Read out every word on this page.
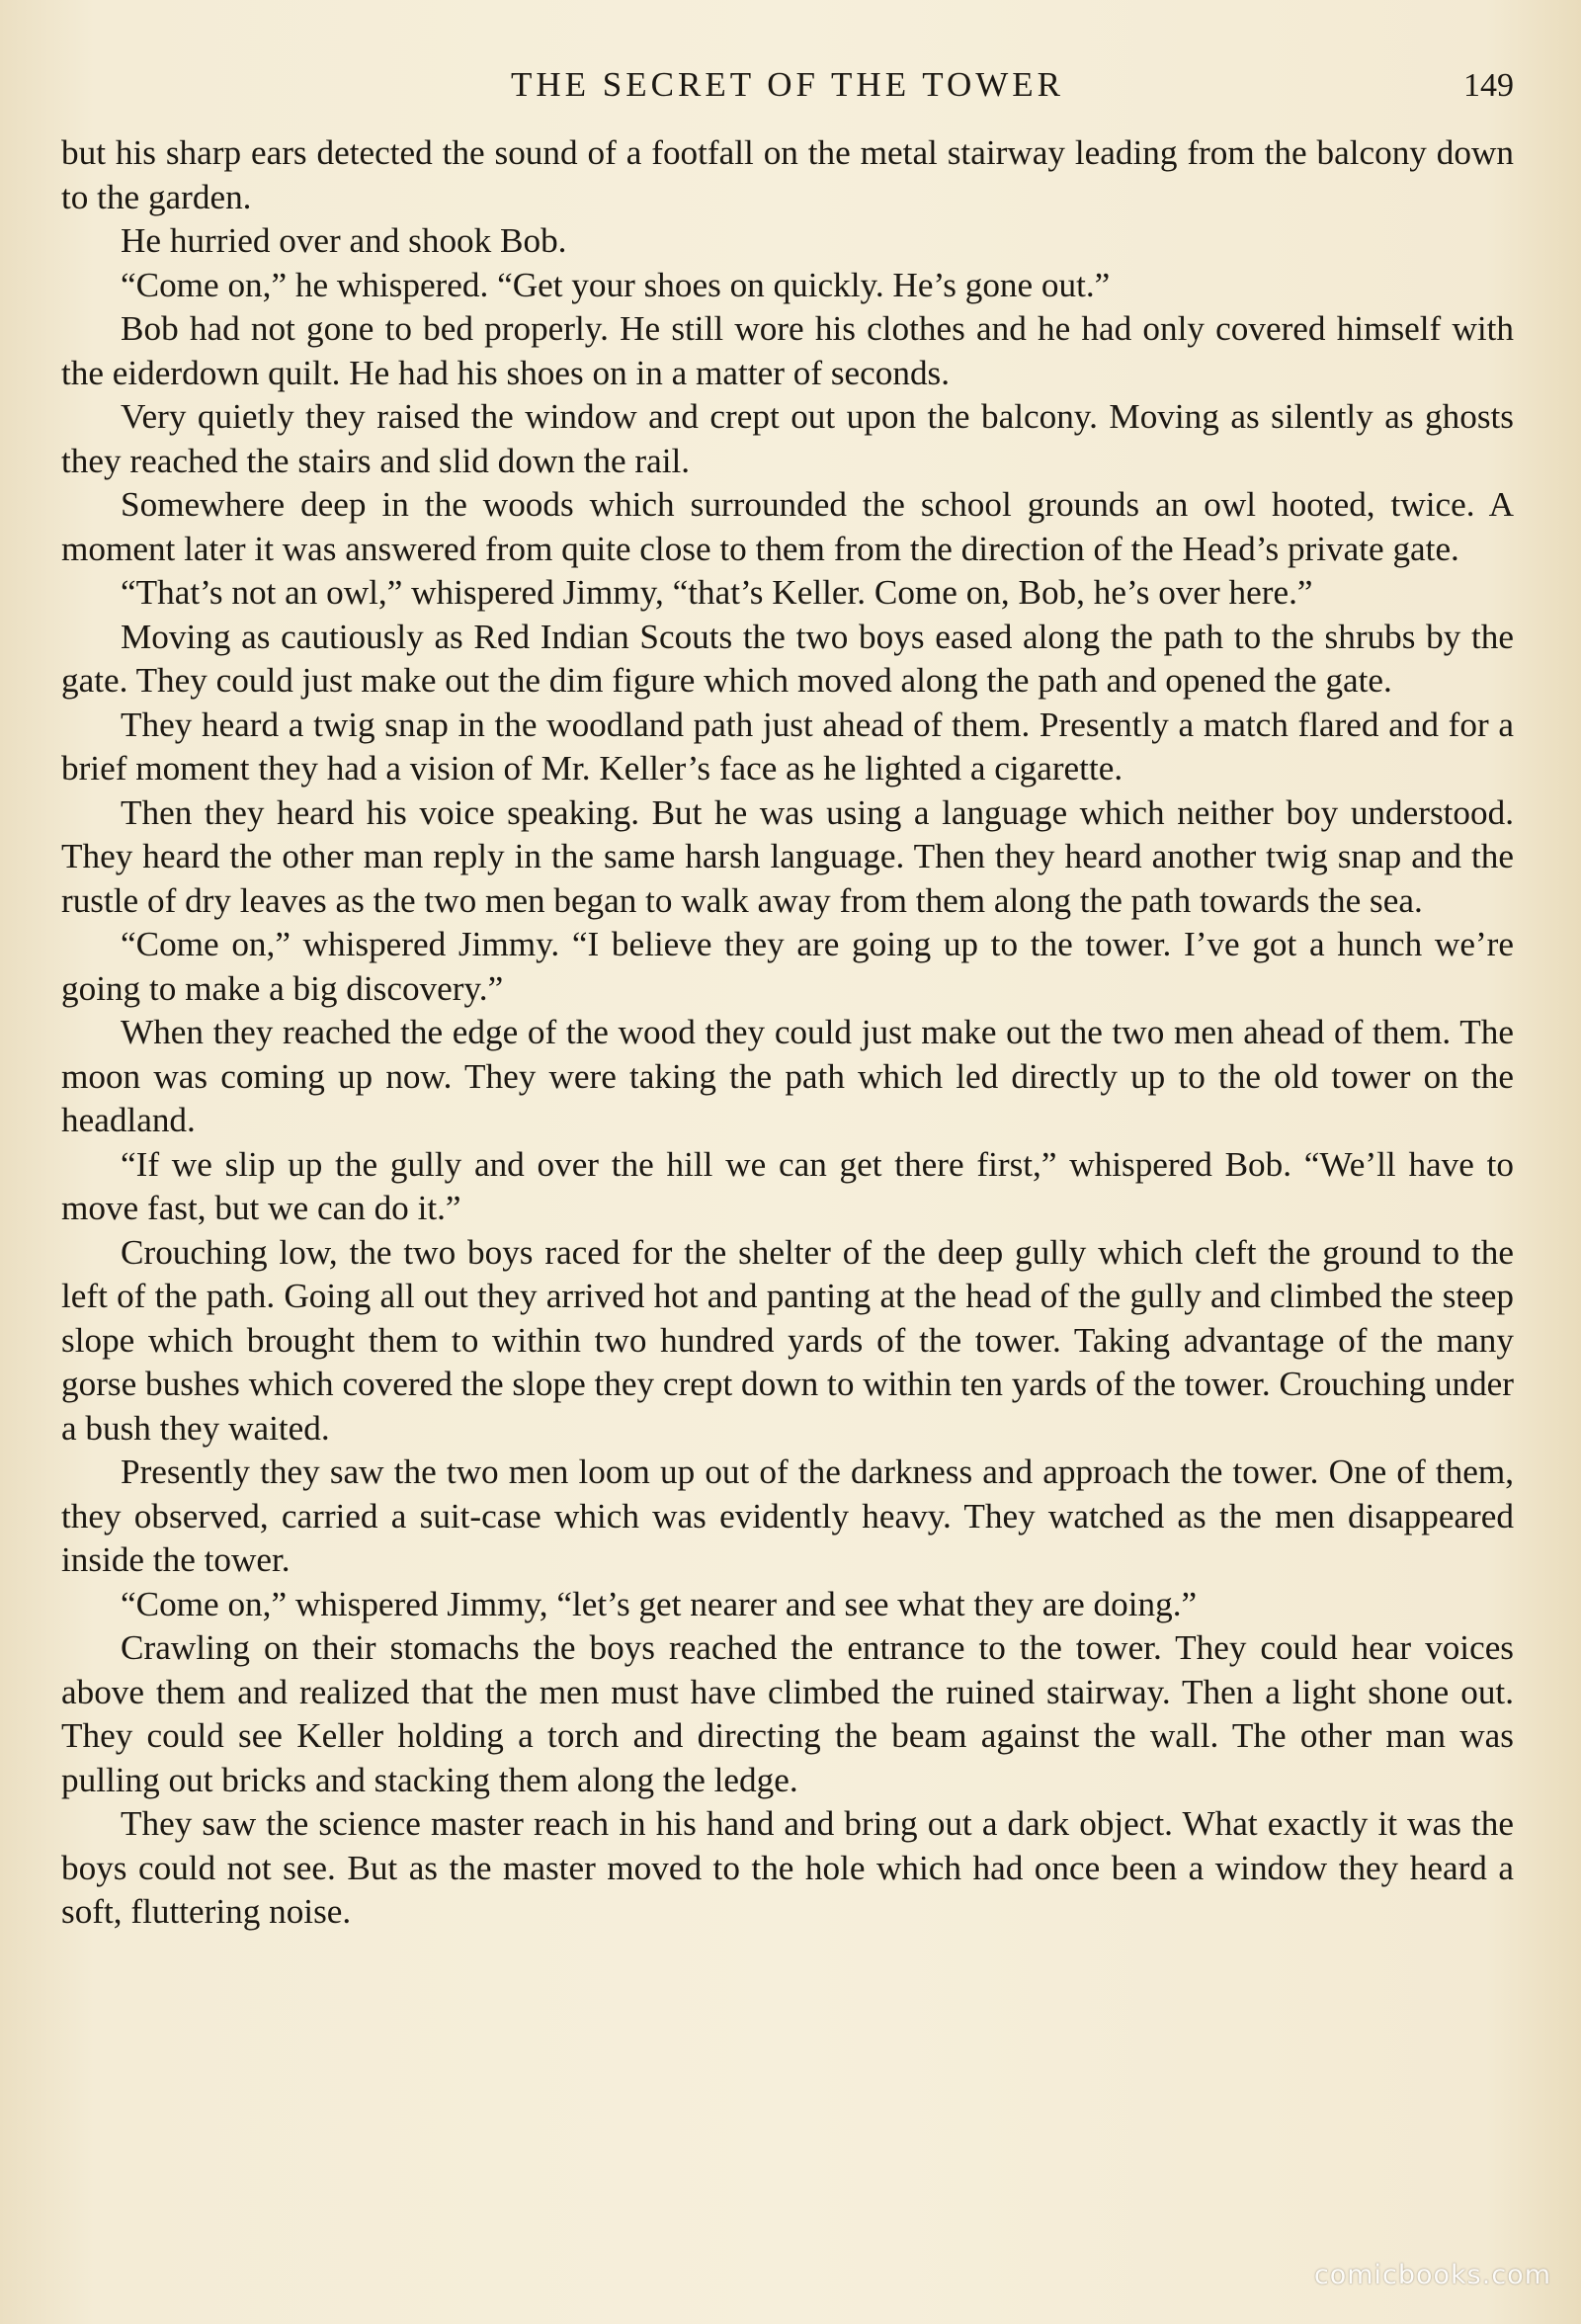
THE SECRET OF THE TOWER	149

but his sharp ears detected the sound of a footfall on the metal stairway leading from the balcony down to the garden.

He hurried over and shook Bob.

“Come on,” he whispered. “Get your shoes on quickly. He’s gone out.”

Bob had not gone to bed properly. He still wore his clothes and he had only covered himself with the eiderdown quilt. He had his shoes on in a matter of seconds.

Very quietly they raised the window and crept out upon the balcony. Moving as silently as ghosts they reached the stairs and slid down the rail.

Somewhere deep in the woods which surrounded the school grounds an owl hooted, twice. A moment later it was answered from quite close to them from the direction of the Head’s private gate.

“That’s not an owl,” whispered Jimmy, “that’s Keller. Come on, Bob, he’s over here.”

Moving as cautiously as Red Indian Scouts the two boys eased along the path to the shrubs by the gate. They could just make out the dim figure which moved along the path and opened the gate.

They heard a twig snap in the woodland path just ahead of them. Presently a match flared and for a brief moment they had a vision of Mr. Keller’s face as he lighted a cigarette.

Then they heard his voice speaking. But he was using a language which neither boy understood. They heard the other man reply in the same harsh language. Then they heard another twig snap and the rustle of dry leaves as the two men began to walk away from them along the path towards the sea.

“Come on,” whispered Jimmy. “I believe they are going up to the tower. I’ve got a hunch we’re going to make a big discovery.”

When they reached the edge of the wood they could just make out the two men ahead of them. The moon was coming up now. They were taking the path which led directly up to the old tower on the headland.

“If we slip up the gully and over the hill we can get there first,” whispered Bob. “We’ll have to move fast, but we can do it.”

Crouching low, the two boys raced for the shelter of the deep gully which cleft the ground to the left of the path. Going all out they arrived hot and panting at the head of the gully and climbed the steep slope which brought them to within two hundred yards of the tower. Taking advantage of the many gorse bushes which covered the slope they crept down to within ten yards of the tower. Crouching under a bush they waited.

Presently they saw the two men loom up out of the darkness and approach the tower. One of them, they observed, carried a suit-case which was evidently heavy. They watched as the men disappeared inside the tower.

“Come on,” whispered Jimmy, “let’s get nearer and see what they are doing.”

Crawling on their stomachs the boys reached the entrance to the tower. They could hear voices above them and realized that the men must have climbed the ruined stairway. Then a light shone out. They could see Keller holding a torch and directing the beam against the wall. The other man was pulling out bricks and stacking them along the ledge.

They saw the science master reach in his hand and bring out a dark object. What exactly it was the boys could not see. But as the master moved to the hole which had once been a window they heard a soft, fluttering noise.

comicbooks.com
